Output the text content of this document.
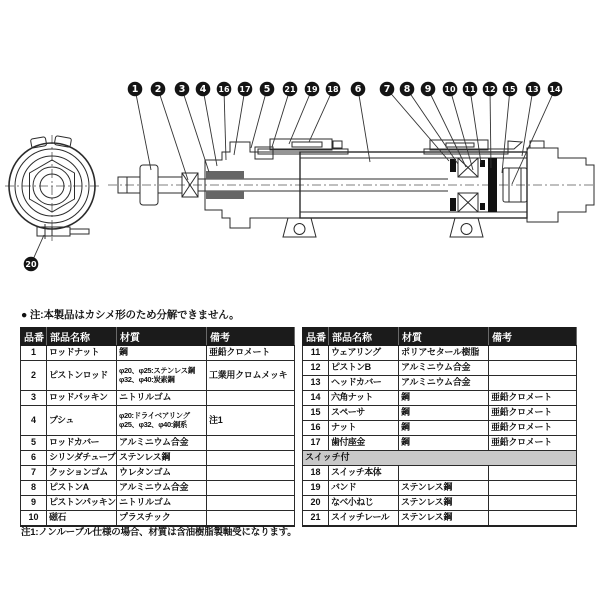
1 2 3 4 16 17 5 21 19 18 6 7 8 9 10 11 12 15 13 14
20
● 注:本製品はカシメ形のため分解できません。
品番	部品名称	材質	備考
1	ロッドナット	鋼	亜鉛クロメート
2	ピストンロッド	φ20、φ25:ステンレス鋼
φ32、φ40:炭素鋼	工業用クロムメッキ
3	ロッドパッキン	ニトリルゴム	
4	ブシュ	φ20:ドライベアリング
φ25、φ32、φ40:銅系	注1
5	ロッドカバー	アルミニウム合金	
6	シリンダチューブ	ステンレス鋼	
7	クッションゴム	ウレタンゴム	
8	ピストンA	アルミニウム合金	
9	ピストンパッキン	ニトリルゴム	
10	磁石	プラスチック	
品番	部品名称	材質	備考
11	ウェアリング	ポリアセタール樹脂	
12	ピストンB	アルミニウム合金	
13	ヘッドカバー	アルミニウム合金	
14	六角ナット	鋼	亜鉛クロメート
15	スペーサ	鋼	亜鉛クロメート
16	ナット	鋼	亜鉛クロメート
17	歯付座金	鋼	亜鉛クロメート
スイッチ付			
18	スイッチ本体		
19	バンド	ステンレス鋼	
20	なべ小ねじ	ステンレス鋼	
21	スイッチレール	ステンレス鋼	
注1:ノンルーブル仕様の場合、材質は含油樹脂製軸受になります。
